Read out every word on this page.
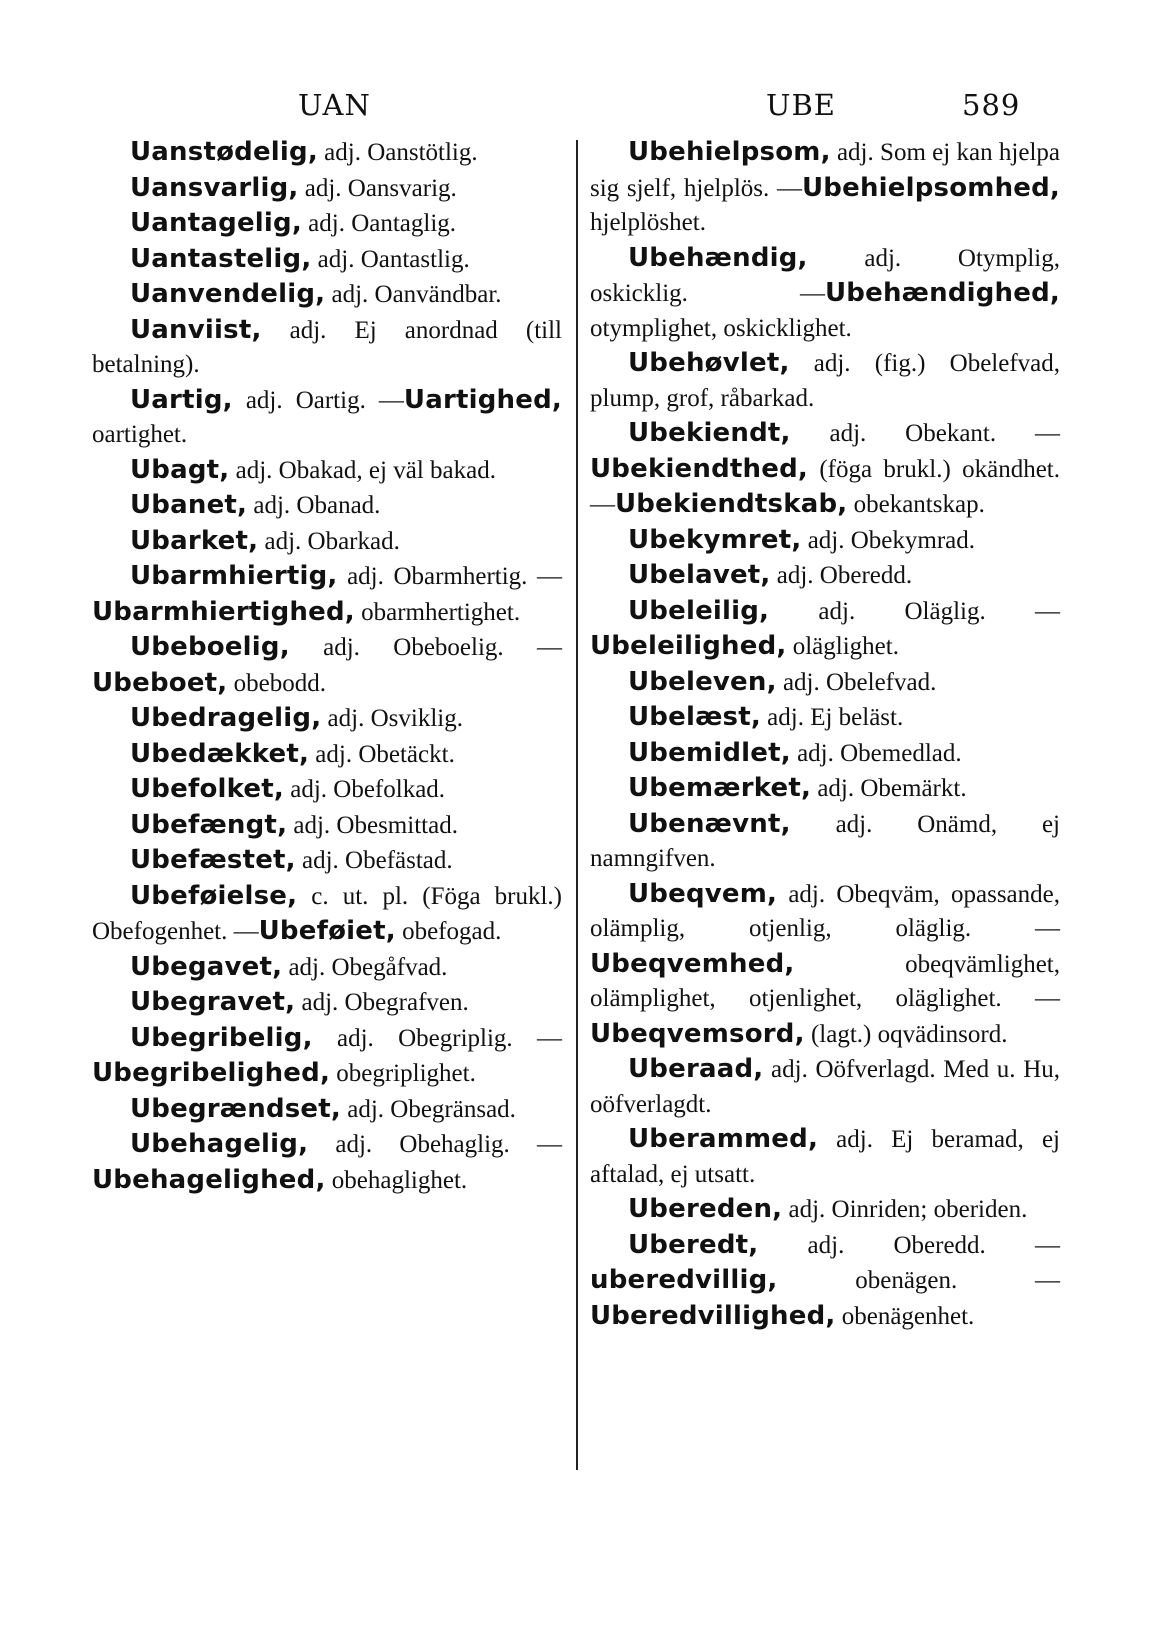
UAN	UBE	589
Uanstødelig, adj. Oanstötlig.
Uansvarlig, adj. Oansvarig.
Uantagelig, adj. Oantaglig.
Uantastelig, adj. Oantastlig.
Uanvendelig, adj. Oanvändbar.
Uanviist, adj. Ej anordnad (till betalning).
Uartig, adj. Oartig. —Uartighed, oartighet.
Ubagt, adj. Obakad, ej väl bakad.
Ubanet, adj. Obanad.
Ubarket, adj. Obarkad.
Ubarmhiertig, adj. Obarmhertig. —Ubarmhiertighed, obarmhertighet.
Ubeboelig, adj. Obeboelig. —Ubeboet, obebodd.
Ubedragelig, adj. Osviklig.
Ubedækket, adj. Obetäckt.
Ubefolket, adj. Obefolkad.
Ubefængt, adj. Obesmittad.
Ubefæstet, adj. Obefästad.
Ubeføielse, c. ut. pl. (Föga brukl.) Obefogenhet. —Ubeføiet, obefogad.
Ubegavet, adj. Obegåfvad.
Ubegravet, adj. Obegrafven.
Ubegribelig, adj. Obegriplig. —Ubegribelighed, obegriplighet.
Ubegrændset, adj. Obegränsad.
Ubehagelig, adj. Obehaglig. —Ubehagelighed, obehaglighet.
Ubehielpsom, adj. Som ej kan hjelpa sig sjelf, hjelplös. —Ubehielpsomhed, hjelplöshet.
Ubehændig, adj. Otymplig, oskicklig. —Ubehændighed, otymplighet, oskicklighet.
Ubehøvlet, adj. (fig.) Obelefvad, plump, grof, råbarkad.
Ubekiendt, adj. Obekant. —Ubekiendthed, (föga brukl.) okändhet. —Ubekiendtskab, obekantskap.
Ubekymret, adj. Obekymrad.
Ubelavet, adj. Oberedd.
Ubeleilig, adj. Oläglig. —Ubeleilighed, oläglighet.
Ubeleven, adj. Obelefvad.
Ubelæst, adj. Ej beläst.
Ubemidlet, adj. Obemedlad.
Ubemærket, adj. Obemärkt.
Ubenævnt, adj. Onämd, ej namngifven.
Ubeqvem, adj. Obeqväm, opassande, olämplig, otjenlig, oläglig. —Ubeqvemhed, obeqvämlighet, olämplighet, otjenlighet, oläglighet. —Ubeqvemsord, (lagt.) oqvädinsord.
Uberaad, adj. Oöfverlagd. Med u. Hu, oöfverlagdt.
Uberammed, adj. Ej beramad, ej aftalad, ej utsatt.
Ubereden, adj. Oinriden; oberiden.
Uberedt, adj. Oberedd. —uberedvillig, obenägen. —Uberedvillighed, obenägenhet.
